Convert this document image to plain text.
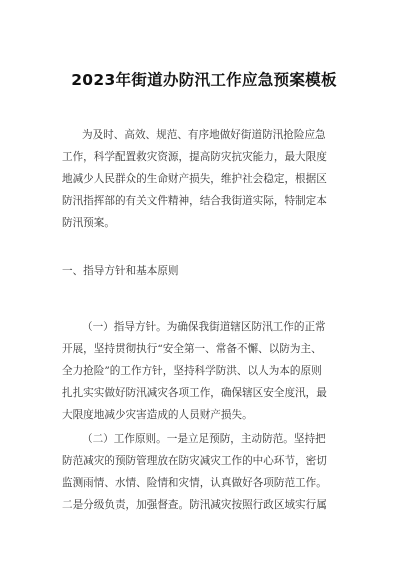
2023年街道办防汛工作应急预案模板
为及时、高效、规范、有序地做好街道防汛抢险应急
工作，科学配置救灾资源，提高防灾抗灾能力，最大限度
地减少人民群众的生命财产损失，维护社会稳定，根据区
防汛指挥部的有关文件精神，结合我街道实际，特制定本
防汛预案。
一、指导方针和基本原则
（一）指导方针。为确保我街道辖区防汛工作的正常
开展，坚持贯彻执行“安全第一、常备不懈、以防为主、
全力抢险”的工作方针，坚持科学防洪、以人为本的原则
扎扎实实做好防汛减灾各项工作，确保辖区安全度汛，最
大限度地减少灾害造成的人员财产损失。
（二）工作原则。一是立足预防，主动防范。坚持把
防范减灾的预防管理放在防灾减灾工作的中心环节，密切
监测雨情、水情、险情和灾情，认真做好各项防范工作。
二是分级负责，加强督查。防汛减灾按照行政区域实行属
